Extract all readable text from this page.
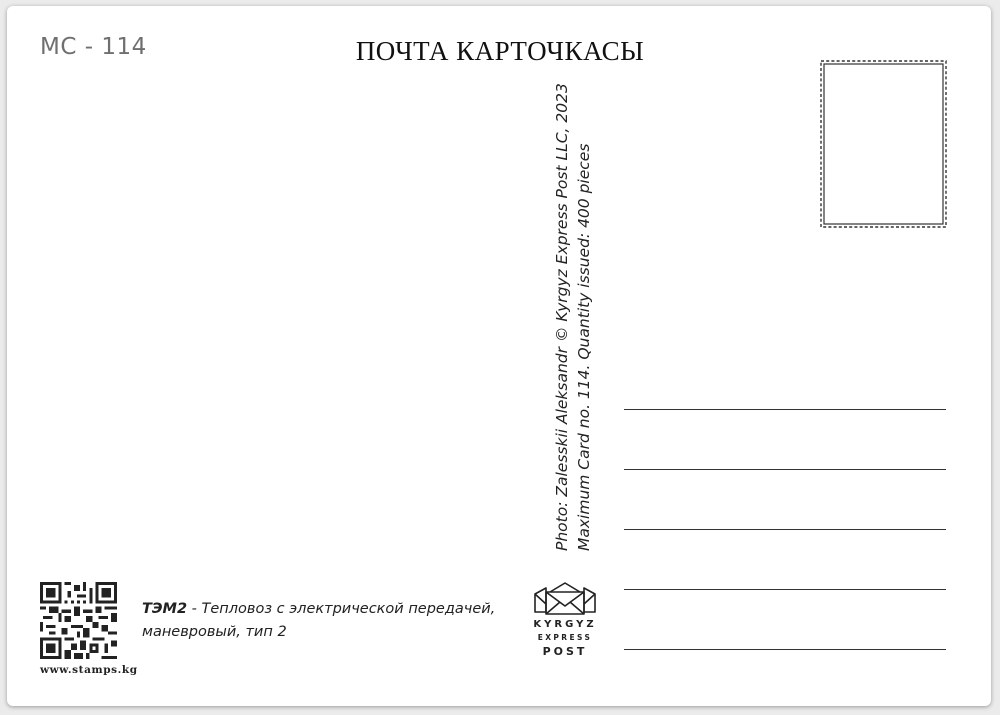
MC - 114	ПОЧТА КАРТОЧКАСЫ
Photo: Zalesskii Aleksandr © Kyrgyz Express Post LLC, 2023 Maximum Card no. 114. Quantity issued: 400 pieces
www.stamps.kg
ТЭМ2 - Тепловоз с электрической передачей, маневровый, тип 2	KYRGYZ
EXPRESS
POST
